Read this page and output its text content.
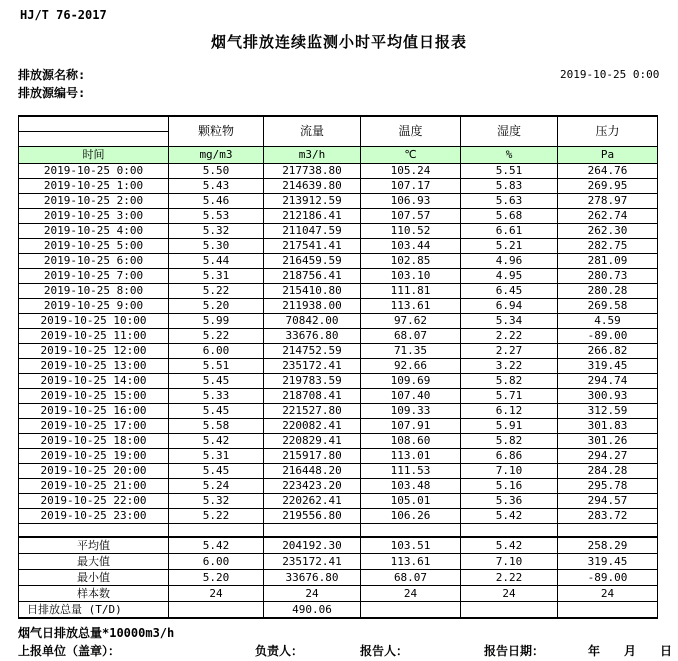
HJ/T 76-2017
烟气排放连续监测小时平均值日报表
排放源名称:	2019-10-25 0:00
排放源编号:
	颗粒物	流量	温度	湿度	压力

时间	mg/m3	m3/h	℃	%	Pa
2019-10-25 0:00	5.50	217738.80	105.24	5.51	264.76
2019-10-25 1:00	5.43	214639.80	107.17	5.83	269.95
2019-10-25 2:00	5.46	213912.59	106.93	5.63	278.97
2019-10-25 3:00	5.53	212186.41	107.57	5.68	262.74
2019-10-25 4:00	5.32	211047.59	110.52	6.61	262.30
2019-10-25 5:00	5.30	217541.41	103.44	5.21	282.75
2019-10-25 6:00	5.44	216459.59	102.85	4.96	281.09
2019-10-25 7:00	5.31	218756.41	103.10	4.95	280.73
2019-10-25 8:00	5.22	215410.80	111.81	6.45	280.28
2019-10-25 9:00	5.20	211938.00	113.61	6.94	269.58
2019-10-25 10:00	5.99	70842.00	97.62	5.34	4.59
2019-10-25 11:00	5.22	33676.80	68.07	2.22	-89.00
2019-10-25 12:00	6.00	214752.59	71.35	2.27	266.82
2019-10-25 13:00	5.51	235172.41	92.66	3.22	319.45
2019-10-25 14:00	5.45	219783.59	109.69	5.82	294.74
2019-10-25 15:00	5.33	218708.41	107.40	5.71	300.93
2019-10-25 16:00	5.45	221527.80	109.33	6.12	312.59
2019-10-25 17:00	5.58	220082.41	107.91	5.91	301.83
2019-10-25 18:00	5.42	220829.41	108.60	5.82	301.26
2019-10-25 19:00	5.31	215917.80	113.01	6.86	294.27
2019-10-25 20:00	5.45	216448.20	111.53	7.10	284.28
2019-10-25 21:00	5.24	223423.20	103.48	5.16	295.78
2019-10-25 22:00	5.32	220262.41	105.01	5.36	294.57
2019-10-25 23:00	5.22	219556.80	106.26	5.42	283.72

平均值	5.42	204192.30	103.51	5.42	258.29
最大值	6.00	235172.41	113.61	7.10	319.45
最小值	5.20	33676.80	68.07	2.22	-89.00
样本数	24	24	24	24	24
日排放总量 (T/D)		490.06			
烟气日排放总量*10000m3/h
上报单位（盖章）：	负责人：	报告人：	报告日期：	年 月 日
